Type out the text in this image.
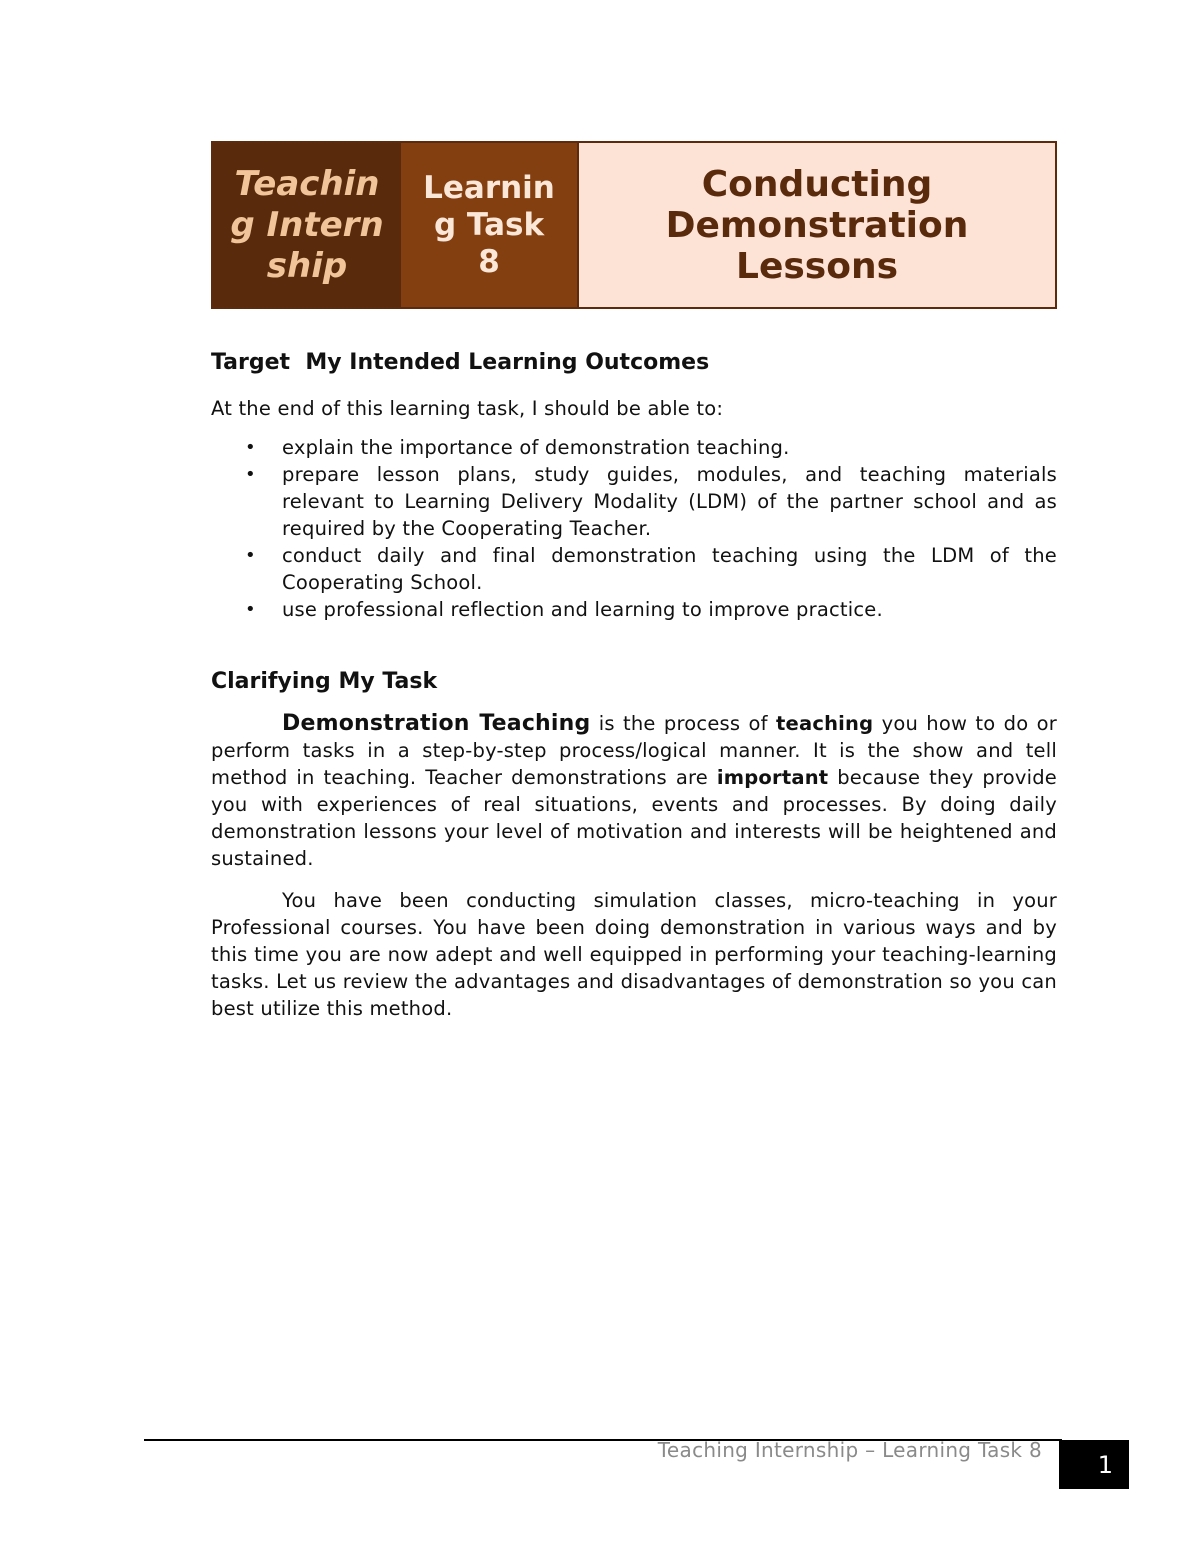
Teaching Internship
Learning Task 8
Conducting Demonstration Lessons
Target  My Intended Learning Outcomes

At the end of this learning task, I should be able to:

• explain the importance of demonstration teaching.
• prepare lesson plans, study guides, modules, and teaching materials relevant to Learning Delivery Modality (LDM) of the partner school and as required by the Cooperating Teacher.
• conduct daily and final demonstration teaching using the LDM of the Cooperating School.
• use professional reflection and learning to improve practice.
Clarifying My Task

Demonstration Teaching is the process of teaching you how to do or perform tasks in a step-by-step process/logical manner. It is the show and tell method in teaching. Teacher demonstrations are important because they provide you with experiences of real situations, events and processes. By doing daily demonstration lessons your level of motivation and interests will be heightened and sustained.

You have been conducting simulation classes, micro-teaching in your Professional courses. You have been doing demonstration in various ways and by this time you are now adept and well equipped in performing your teaching-learning tasks. Let us review the advantages and disadvantages of demonstration so you can best utilize this method.

Teaching Internship – Learning Task 8
1
